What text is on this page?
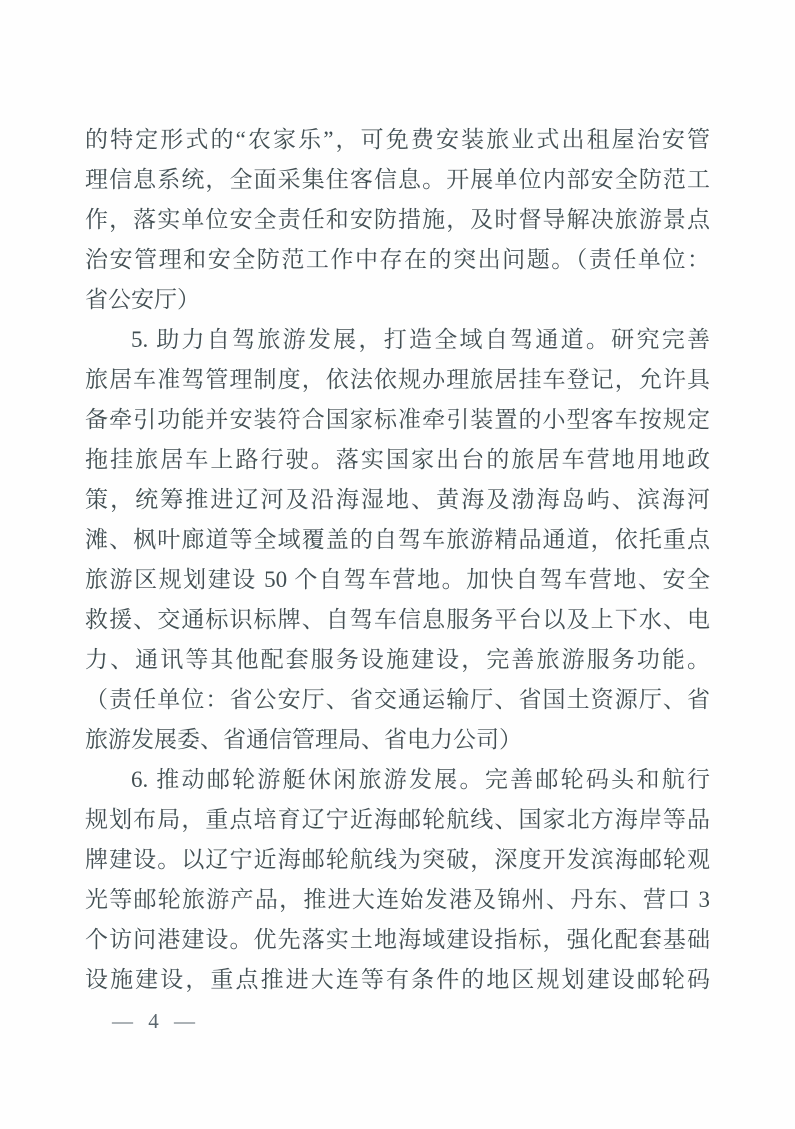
的特定形式的“农家乐”，可免费安装旅业式出租屋治安管
理信息系统，全面采集住客信息。开展单位内部安全防范工
作，落实单位安全责任和安防措施，及时督导解决旅游景点
治安管理和安全防范工作中存在的突出问题。（责任单位：
省公安厅）
5. 助力自驾旅游发展，打造全域自驾通道。研究完善
旅居车准驾管理制度，依法依规办理旅居挂车登记，允许具
备牵引功能并安装符合国家标准牵引装置的小型客车按规定
拖挂旅居车上路行驶。落实国家出台的旅居车营地用地政
策，统筹推进辽河及沿海湿地、黄海及渤海岛屿、滨海河
滩、枫叶廊道等全域覆盖的自驾车旅游精品通道，依托重点
旅游区规划建设 50 个自驾车营地。加快自驾车营地、安全
救援、交通标识标牌、自驾车信息服务平台以及上下水、电
力、通讯等其他配套服务设施建设，完善旅游服务功能。
（责任单位：省公安厅、省交通运输厅、省国土资源厅、省
旅游发展委、省通信管理局、省电力公司）
6. 推动邮轮游艇休闲旅游发展。完善邮轮码头和航行
规划布局，重点培育辽宁近海邮轮航线、国家北方海岸等品
牌建设。以辽宁近海邮轮航线为突破，深度开发滨海邮轮观
光等邮轮旅游产品，推进大连始发港及锦州、丹东、营口 3
个访问港建设。优先落实土地海域建设指标，强化配套基础
设施建设，重点推进大连等有条件的地区规划建设邮轮码
— 4 —
